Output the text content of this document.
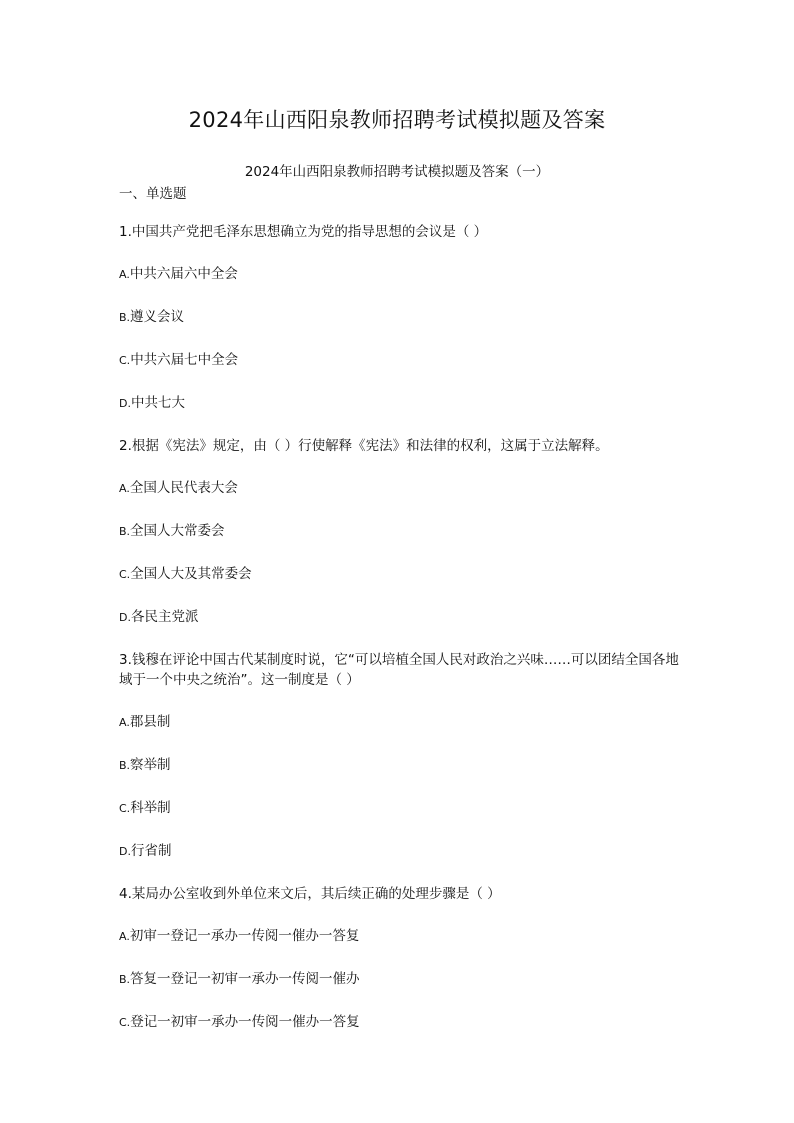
2024年山西阳泉教师招聘考试模拟题及答案
2024年山西阳泉教师招聘考试模拟题及答案（一）
一、单选题
1.中国共产党把毛泽东思想确立为党的指导思想的会议是（ ）
A.中共六届六中全会
B.遵义会议
C.中共六届七中全会
D.中共七大
2.根据《宪法》规定，由（ ）行使解释《宪法》和法律的权利，这属于立法解释。
A.全国人民代表大会
B.全国人大常委会
C.全国人大及其常委会
D.各民主党派
3.钱穆在评论中国古代某制度时说，它“可以培植全国人民对政治之兴味……可以团结全国各地域于一个中央之统治”。这一制度是（ ）
A.郡县制
B.察举制
C.科举制
D.行省制
4.某局办公室收到外单位来文后，其后续正确的处理步骤是（ ）
A.初审一登记一承办一传阅一催办一答复
B.答复一登记一初审一承办一传阅一催办
C.登记一初审一承办一传阅一催办一答复
